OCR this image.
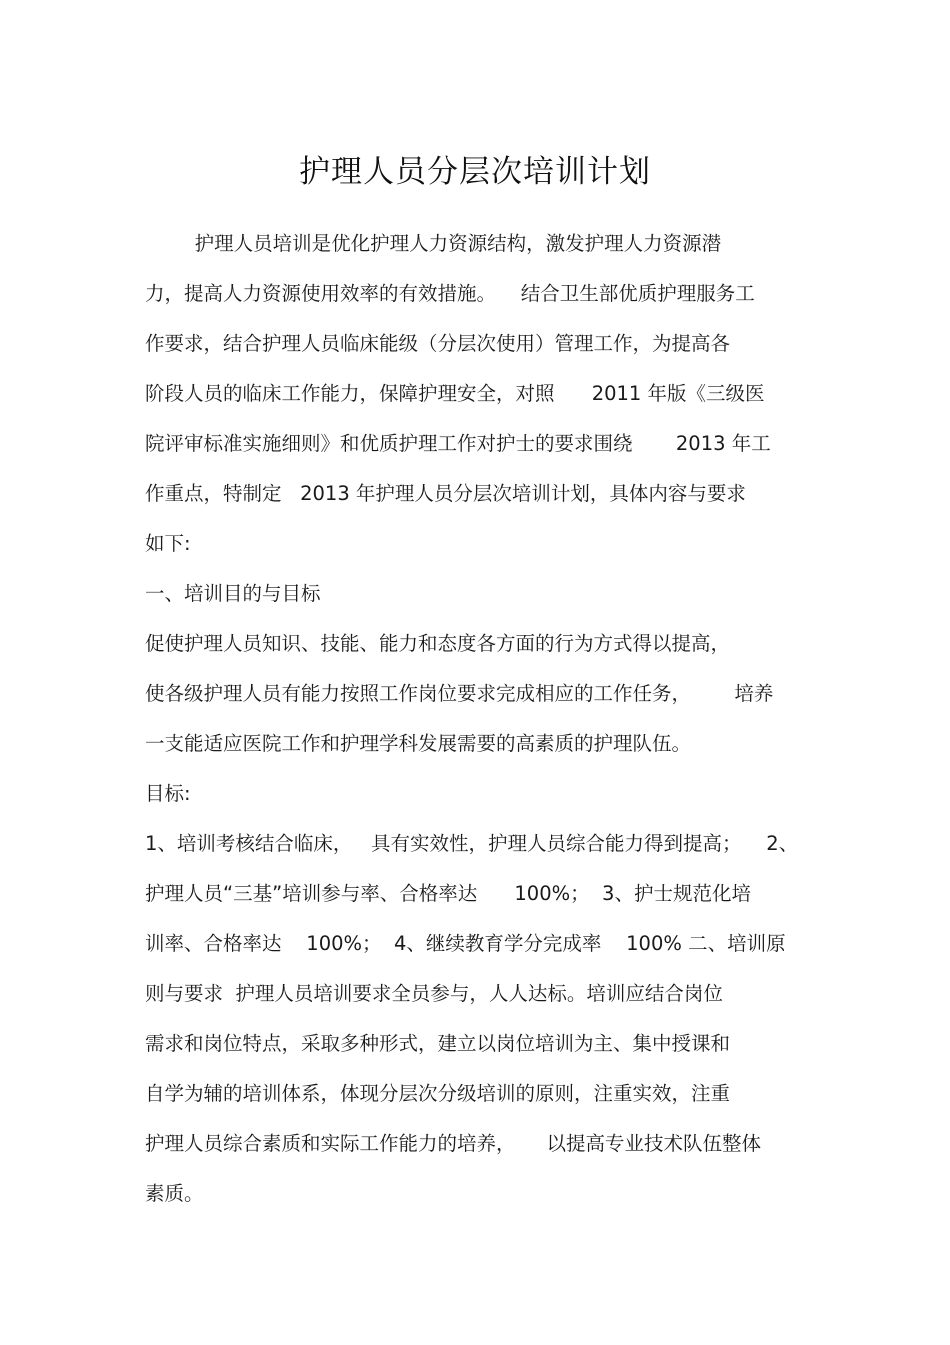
护理人员分层次培训计划
护理人员培训是优化护理人力资源结构，激发护理人力资源潜
力，提高人力资源使用效率的有效措施。    结合卫生部优质护理服务工
作要求，结合护理人员临床能级（分层次使用）管理工作，为提高各
阶段人员的临床工作能力，保障护理安全，对照      2011 年版《三级医
院评审标准实施细则》和优质护理工作对护士的要求围绕       2013 年工
作重点，特制定   2013 年护理人员分层次培训计划，具体内容与要求
如下:
一、培训目的与目标
促使护理人员知识、技能、能力和态度各方面的行为方式得以提高，
使各级护理人员有能力按照工作岗位要求完成相应的工作任务，       培养
一支能适应医院工作和护理学科发展需要的高素质的护理队伍。
目标:
1、培训考核结合临床，   具有实效性，护理人员综合能力得到提高；    2、
护理人员“三基”培训参与率、合格率达      100%；  3、护士规范化培
训率、合格率达    100%；  4、继续教育学分完成率    100% 二、培训原
则与要求  护理人员培训要求全员参与，人人达标。培训应结合岗位
需求和岗位特点，采取多种形式，建立以岗位培训为主、集中授课和
自学为辅的培训体系，体现分层次分级培训的原则，注重实效，注重
护理人员综合素质和实际工作能力的培养，     以提高专业技术队伍整体
素质。
